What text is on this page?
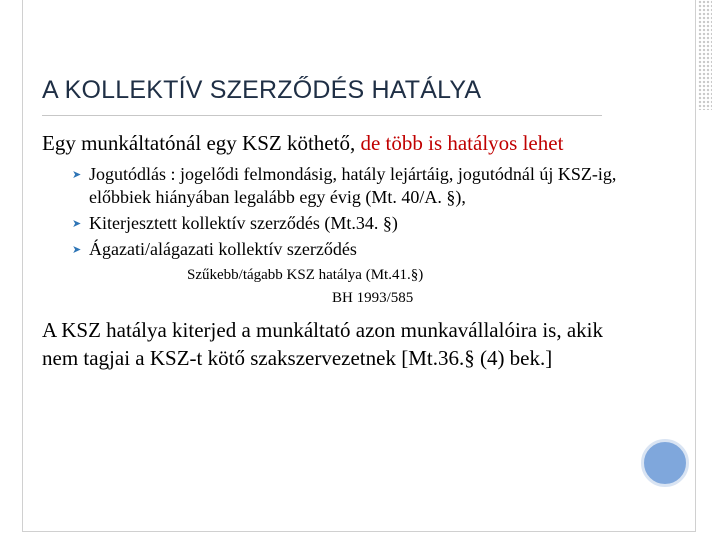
A KOLLEKTÍV SZERZŐDÉS HATÁLYA

Egy munkáltatónál egy KSZ köthető, de több is hatályos lehet

➤ Jogutódlás : jogelődi felmondásig, hatály lejártáig, jogutódnál új KSZ-ig, előbbiek hiányában legalább egy évig (Mt. 40/A. §),
➤ Kiterjesztett kollektív szerződés (Mt.34. §)
➤ Ágazati/alágazati kollektív szerződés

Szűkebb/tágabb KSZ hatálya (Mt.41.§)

BH 1993/585

A KSZ hatálya kiterjed a munkáltató azon munkavállalóira is, akik nem tagjai a KSZ-t kötő szakszervezetnek [Mt.36.§ (4) bek.]
